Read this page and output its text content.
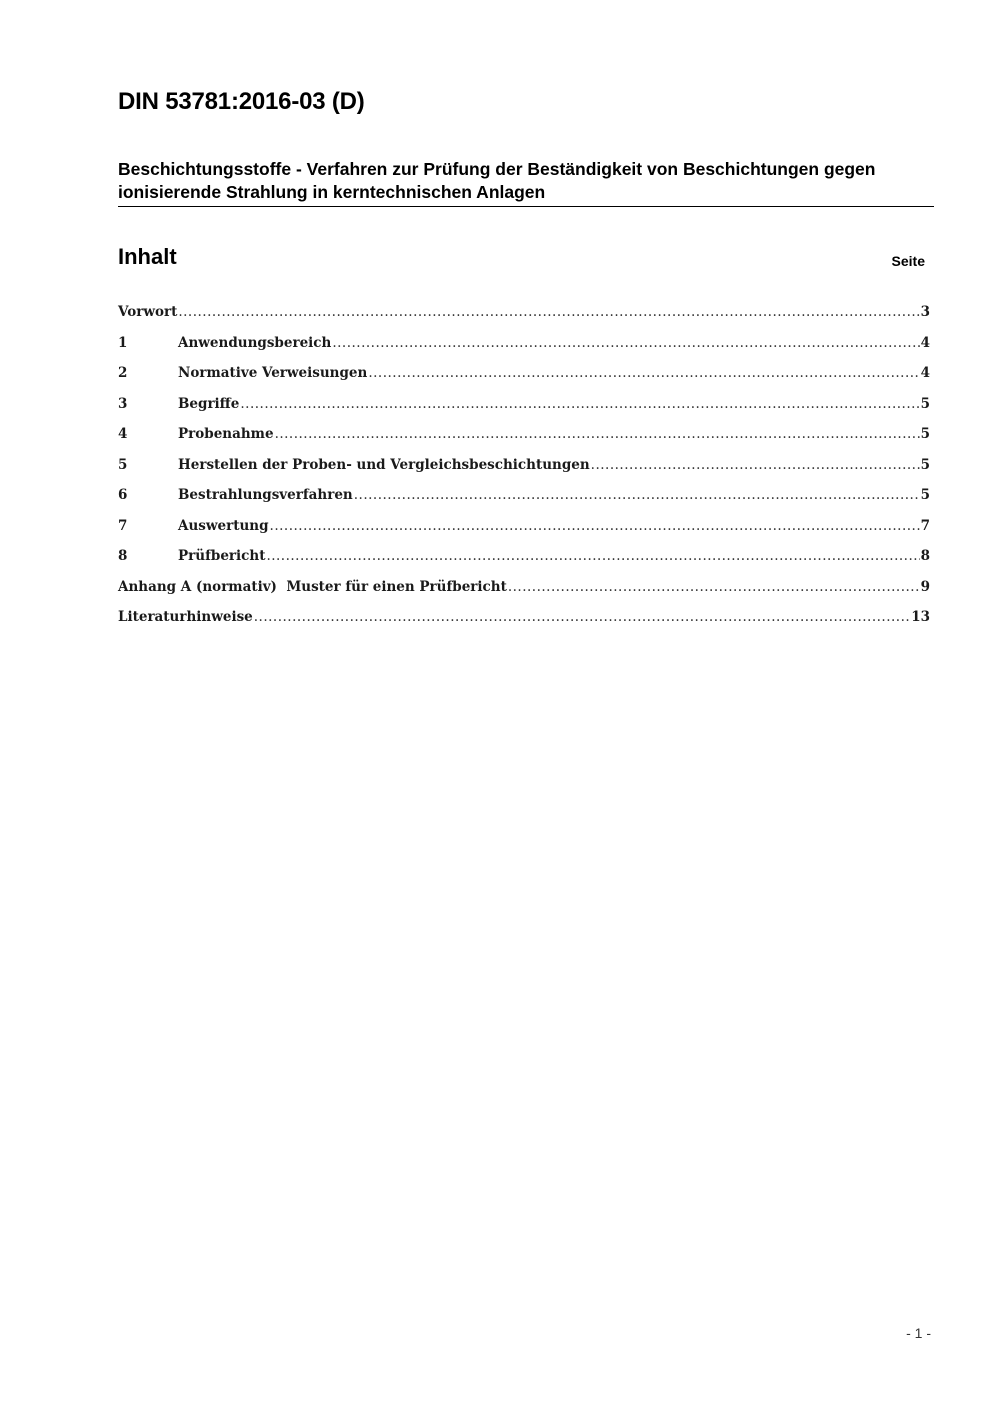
DIN 53781:2016-03 (D)
Beschichtungsstoffe - Verfahren zur Prüfung der Beständigkeit von Beschichtungen gegen ionisierende Strahlung in kerntechnischen Anlagen
Inhalt	Seite
Vorwort .....	3
1	Anwendungsbereich .....	4
2	Normative Verweisungen .....	4
3	Begriffe .....	5
4	Probenahme .....	5
5	Herstellen der Proben- und Vergleichsbeschichtungen .....	5
6	Bestrahlungsverfahren .....	5
7	Auswertung .....	7
8	Prüfbericht .....	8
Anhang A (normativ)  Muster für einen Prüfbericht .....	9
Literaturhinweise .....	13
- 1 -
